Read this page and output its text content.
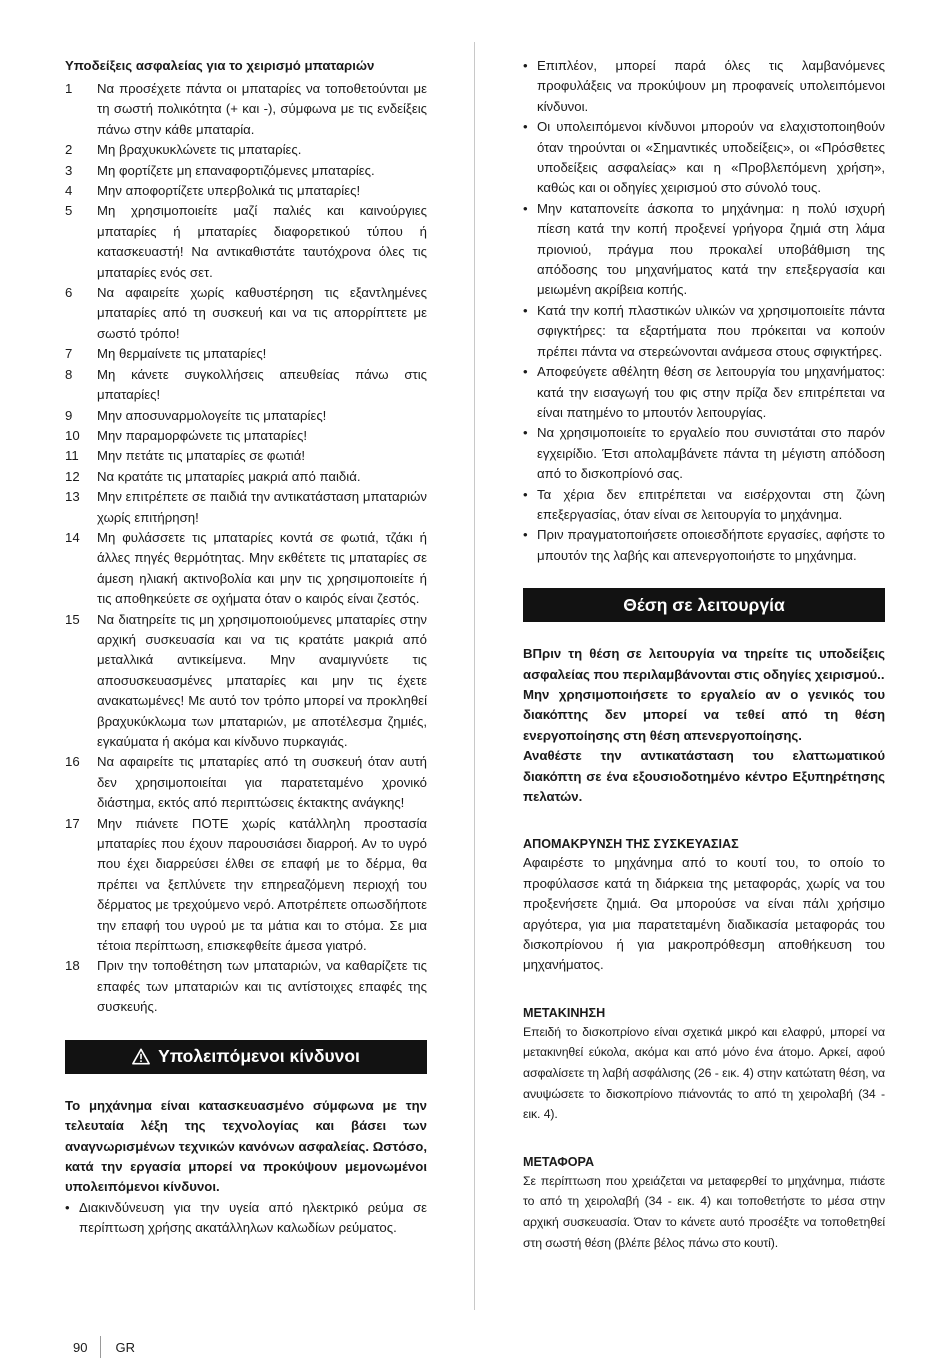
Υποδείξεις ασφαλείας για το χειρισμό μπαταριών
1	Να προσέχετε πάντα οι μπαταρίες να τοποθετούνται με τη σωστή πολικότητα (+ και -), σύμφωνα με τις ενδείξεις πάνω στην κάθε μπαταρία.
2	Μη βραχυκυκλώνετε τις μπαταρίες.
3	Μη φορτίζετε μη επαναφορτιζόμενες μπαταρίες.
4	Μην αποφορτίζετε υπερβολικά τις μπαταρίες!
5	Μη χρησιμοποιείτε μαζί παλιές και καινούργιες μπαταρίες ή μπαταρίες διαφορετικού τύπου ή κατασκευαστή! Να αντικαθιστάτε ταυτόχρονα όλες τις μπαταρίες ενός σετ.
6	Να αφαιρείτε χωρίς καθυστέρηση τις εξαντλημένες μπαταρίες από τη συσκευή και να τις απορρίπτετε με σωστό τρόπο!
7	Μη θερμαίνετε τις μπαταρίες!
8	Μη κάνετε συγκολλήσεις απευθείας πάνω στις μπαταρίες!
9	Μην αποσυναρμολογείτε τις μπαταρίες!
10	Μην παραμορφώνετε τις μπαταρίες!
11	Μην πετάτε τις μπαταρίες σε φωτιά!
12	Να κρατάτε τις μπαταρίες μακριά από παιδιά.
13	Μην επιτρέπετε σε παιδιά την αντικατάσταση μπαταριών χωρίς επιτήρηση!
14	Μη φυλάσσετε τις μπαταρίες κοντά σε φωτιά, τζάκι ή άλλες πηγές θερμότητας. Μην εκθέτετε τις μπαταρίες σε άμεση ηλιακή ακτινοβολία και μην τις χρησιμοποιείτε ή τις αποθηκεύετε σε οχήματα όταν ο καιρός είναι ζεστός.
15	Να διατηρείτε τις μη χρησιμοποιούμενες μπαταρίες στην αρχική συσκευασία και να τις κρατάτε μακριά από μεταλλικά αντικείμενα. Μην αναμιγνύετε τις αποσυσκευασμένες μπαταρίες και μην τις έχετε ανακατωμένες! Με αυτό τον τρόπο μπορεί να προκληθεί βραχυκύκλωμα των μπαταριών, με αποτέλεσμα ζημιές, εγκαύματα ή ακόμα και κίνδυνο πυρκαγιάς.
16	Να αφαιρείτε τις μπαταρίες από τη συσκευή όταν αυτή δεν χρησιμοποιείται για παρατεταμένο χρονικό διάστημα, εκτός από περιπτώσεις έκτακτης ανάγκης!
17	Μην πιάνετε ΠΟΤΕ χωρίς κατάλληλη προστασία μπαταρίες που έχουν παρουσιάσει διαρροή. Αν το υγρό που έχει διαρρεύσει έλθει σε επαφή με το δέρμα, θα πρέπει να ξεπλύνετε την επηρεαζόμενη περιοχή του δέρματος με τρεχούμενο νερό. Αποτρέπετε οπωσδήποτε την επαφή του υγρού με τα μάτια και το στόμα. Σε μια τέτοια περίπτωση, επισκεφθείτε άμεσα γιατρό.
18	Πριν την τοποθέτηση των μπαταριών, να καθαρίζετε τις επαφές των μπαταριών και τις αντίστοιχες επαφές της συσκευής.
Υπολειπόμενοι κίνδυνοι
Το μηχάνημα είναι κατασκευασμένο σύμφωνα με την τελευταία λέξη της τεχνολογίας και βάσει των αναγνωρισμένων τεχνικών κανόνων ασφαλείας. Ωστόσο, κατά την εργασία μπορεί να προκύψουν μεμονωμένοι υπολειπόμενοι κίνδυνοι.
• Διακινδύνευση για την υγεία από ηλεκτρικό ρεύμα σε περίπτωση χρήσης ακατάλληλων καλωδίων ρεύματος.
• Επιπλέον, μπορεί παρά όλες τις λαμβανόμενες προφυλάξεις να προκύψουν μη προφανείς υπολειπόμενοι κίνδυνοι.
• Οι υπολειπόμενοι κίνδυνοι μπορούν να ελαχιστοποιηθούν όταν τηρούνται οι «Σημαντικές υποδείξεις», οι «Πρόσθετες υποδείξεις ασφαλείας» και η «Προβλεπόμενη χρήση», καθώς και οι οδηγίες χειρισμού στο σύνολό τους.
• Μην καταπονείτε άσκοπα το μηχάνημα: η πολύ ισχυρή πίεση κατά την κοπή προξενεί γρήγορα ζημιά στη λάμα πριονιού, πράγμα που προκαλεί υποβάθμιση της απόδοσης του μηχανήματος κατά την επεξεργασία και μειωμένη ακρίβεια κοπής.
• Κατά την κοπή πλαστικών υλικών να χρησιμοποιείτε πάντα σφιγκτήρες: τα εξαρτήματα που πρόκειται να κοπούν πρέπει πάντα να στερεώνονται ανάμεσα στους σφιγκτήρες.
• Αποφεύγετε αθέλητη θέση σε λειτουργία του μηχανήματος: κατά την εισαγωγή του φις στην πρίζα δεν επιτρέπεται να είναι πατημένο το μπουτόν λειτουργίας.
• Να χρησιμοποιείτε το εργαλείο που συνιστάται στο παρόν εγχειρίδιο. Έτσι απολαμβάνετε πάντα τη μέγιστη απόδοση από το δισκοπρίονό σας.
• Τα χέρια δεν επιτρέπεται να εισέρχονται στη ζώνη επεξεργασίας, όταν είναι σε λειτουργία το μηχάνημα.
• Πριν πραγματοποιήσετε οποιεσδήποτε εργασίες, αφήστε το μπουτόν της λαβής και απενεργοποιήστε το μηχάνημα.
Θέση σε λειτουργία
ΒΠριν τη θέση σε λειτουργία να τηρείτε τις υποδείξεις ασφαλείας που περιλαμβάνονται στις οδηγίες χειρισμού..
Μην χρησιμοποιήσετε το εργαλείο αν ο γενικός του διακόπτης δεν μπορεί να τεθεί από τη θέση ενεργοποίησης στη θέση απενεργοποίησης.
Αναθέστε την αντικατάσταση του ελαττωματικού διακόπτη σε ένα εξουσιοδοτημένο κέντρο Εξυπηρέτησης πελατών.
ΑΠΟΜΑΚΡΥΝΣΗ ΤΗΣ ΣΥΣΚΕΥΑΣΙΑΣ
Αφαιρέστε το μηχάνημα από το κουτί του, το οποίο το προφύλασσε κατά τη διάρκεια της μεταφοράς, χωρίς να του προξενήσετε ζημιά. Θα μπορούσε να είναι πάλι χρήσιμο αργότερα, για μια παρατεταμένη διαδικασία μεταφοράς του δισκοπρίονου ή για μακροπρόθεσμη αποθήκευση του μηχανήματος.
ΜΕΤΑΚΙΝΗΣΗ
Επειδή το δισκοπρίονο είναι σχετικά μικρό και ελαφρύ, μπορεί να μετακινηθεί εύκολα, ακόμα και από μόνο ένα άτομο. Αρκεί, αφού ασφαλίσετε τη λαβή ασφάλισης (26 - εικ. 4) στην κατώτατη θέση, να ανυψώσετε το δισκοπρίονο πιάνοντάς το από τη χειρολαβή (34 - εικ. 4).
ΜΕΤΑΦΟΡΑ
Σε περίπτωση που χρειάζεται να μεταφερθεί το μηχάνημα, πιάστε το από τη χειρολαβή (34 - εικ. 4) και τοποθετήστε το μέσα στην αρχική συσκευασία. Όταν το κάνετε αυτό προσέξτε να τοποθετηθεί στη σωστή θέση (βλέπε βέλος πάνω στο κουτί).
90 GR
